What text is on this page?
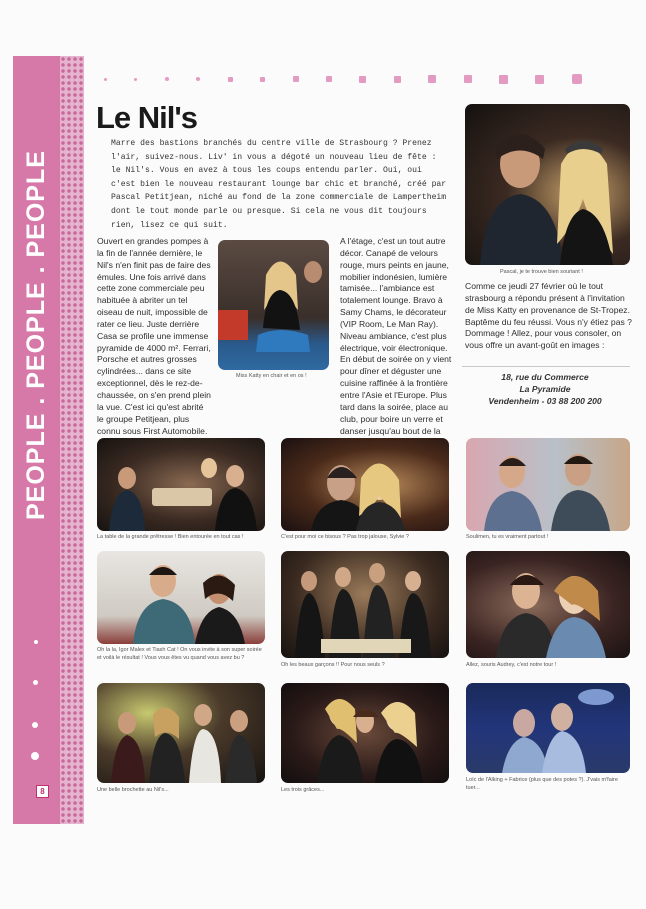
PEOPLE . PEOPLE . PEOPLE
8
Le Nil's

Marre des bastions branchés du centre ville de Strasbourg ? Prenez l'air, suivez-nous. Liv' in vous a dégoté un nouveau lieu de fête : le Nil's. Vous en avez à tous les coups entendu parler. Oui, oui c'est bien le nouveau restaurant lounge bar chic et branché, créé par Pascal Petitjean, niché au fond de la zone commerciale de Lampertheim dont le tout monde parle ou presque. Si cela ne vous dit toujours rien, lisez ce qui suit.

Pascal, je te trouve bien souriant !

Ouvert en grandes pompes à la fin de l'année dernière, le Nil's n'en finit pas de faire des émules. Une fois arrivé dans cette zone commerciale peu habituée à abriter un tel oiseau de nuit, impossible de rater ce lieu. Juste derrière Casa se profile une immense pyramide de 4000 m². Ferrari, Porsche et autres grosses cylindrées... dans ce site exceptionnel, dès le rez-de-chaussée, on s'en prend plein la vue. C'est ici qu'est abrité le groupe Petitjean, plus connu sous First Automobile.

Miss Katty en chair et en os !

A l'étage, c'est un tout autre décor. Canapé de velours rouge, murs peints en jaune, mobilier indonésien, lumière tamisée... l'ambiance est totalement lounge. Bravo à Samy Chams, le décorateur (VIP Room, Le Man Ray). Niveau ambiance, c'est plus électrique, voir électronique. En début de soirée on y vient pour dîner et déguster une cuisine raffinée à la frontière entre l'Asie et l'Europe. Plus tard dans la soirée, place au club, pour boire un verre et danser jusqu'au bout de la

Comme ce jeudi 27 février où le tout strasbourg a répondu présent à l'invitation de Miss Katty en provenance de St-Tropez. Baptême du feu réussi. Vous n'y étiez pas ? Dommage ! Allez, pour vous consoler, on vous offre un avant-goût en images :

18, rue du Commerce
La Pyramide
Vendenheim - 03 88 200 200

La table de la grande prêtresse ! Bien entourée en tout cas !	C'est pour moi ce bisous ? Pas trop jalouse, Sylvie ?	Soulimen, tu es vraiment partout !

Oh la la, Igor Malex et Tiash Cat ! On vous invite à son super soirée et voilà le résultat ! Vous vous êtes vu quand vous avez bu ?

Oh les beaux garçons !! Pour nous seuls ?	Allez, souris Audrey, c'est notre tour !

Une belle brochette au Nil's...	Les trois grâces...

Loïc de l'Alking + Fabrice (plus que des potes ?). J'vais m'faire tuer...
